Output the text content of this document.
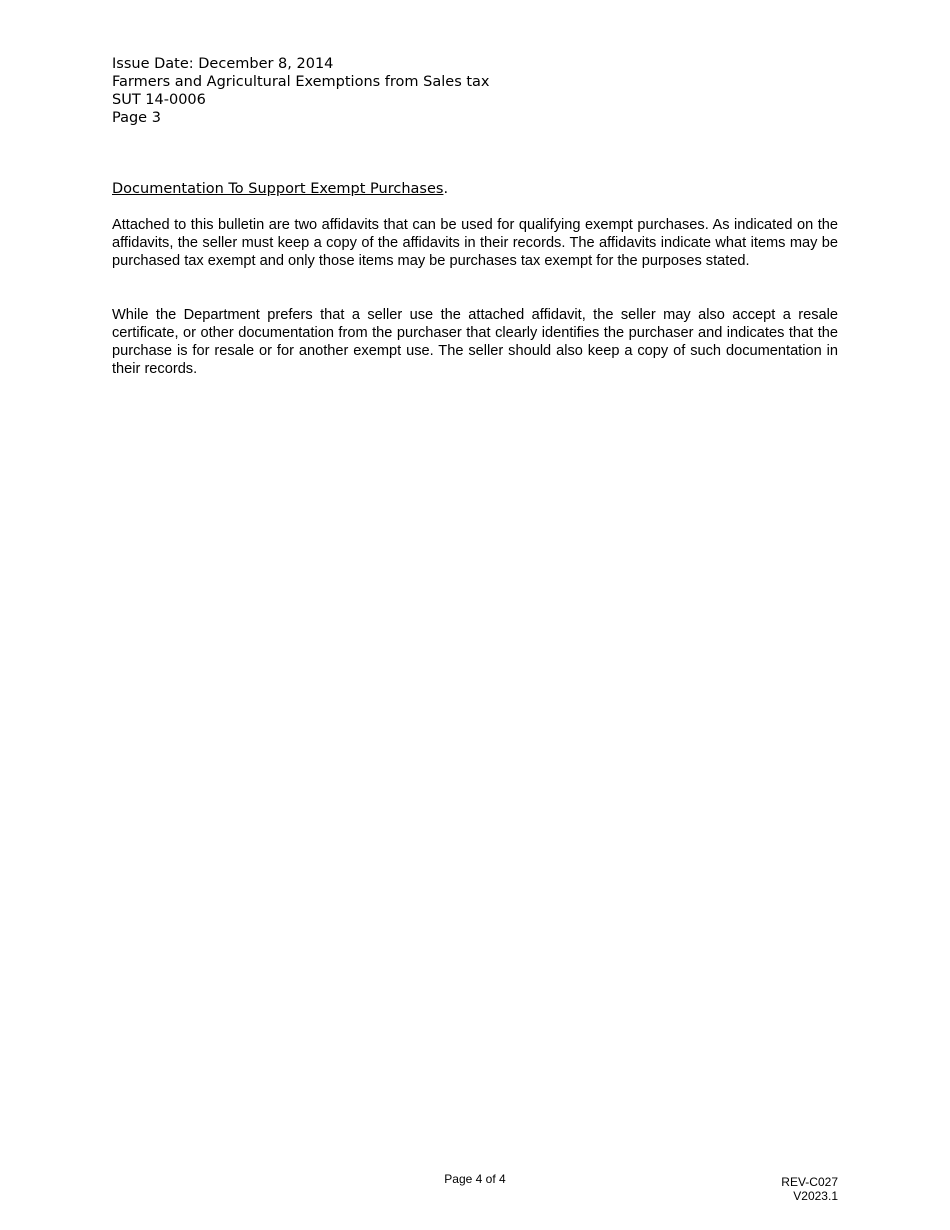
Issue Date: December 8, 2014
Farmers and Agricultural Exemptions from Sales tax
SUT 14-0006
Page 3
Documentation To Support Exempt Purchases.

Attached to this bulletin are two affidavits that can be used for qualifying exempt purchases. As indicated on the affidavits, the seller must keep a copy of the affidavits in their records. The affidavits indicate what items may be purchased tax exempt and only those items may be purchases tax exempt for the purposes stated.

While the Department prefers that a seller use the attached affidavit, the seller may also accept a resale certificate, or other documentation from the purchaser that clearly identifies the purchaser and indicates that the purchase is for resale or for another exempt use. The seller should also keep a copy of such documentation in their records.

Page 4 of 4	REV-C027
V2023.1
